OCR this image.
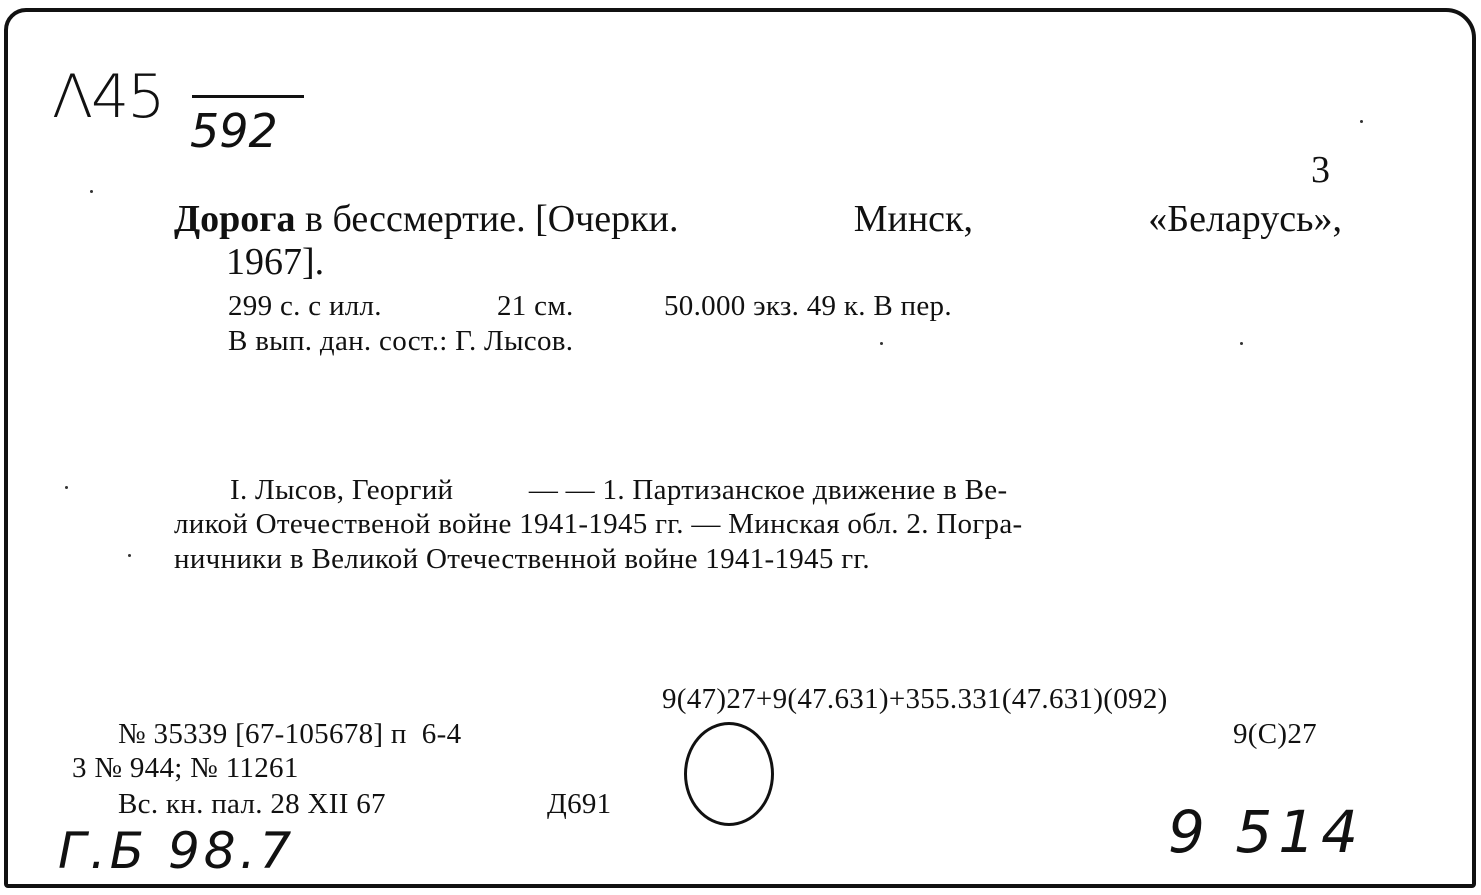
Λ45 592
3
Дорога в бессмертие. [Очерки.	Минск,	«Беларусь»,
1967].
299 с. с илл.	21 см.	50.000 экз. 49 к. В пер.
В вып. дан. сост.: Г. Лысов.
I. Лысов, Георгий          — — 1. Партизанское движение в Ве-
ликой Отечественой войне 1941-1945 гг. — Минская обл. 2. Погра-
ничники в Великой Отечественной войне 1941-1945 гг.
9(47)27+9(47.631)+355.331(47.631)(092)
9(С)27
№ 35339 [67-105678] п  6-4
3 № 944; № 11261
Вс. кн. пал. 28 XII 67	Д691
Г.Б 98.7	9 514
